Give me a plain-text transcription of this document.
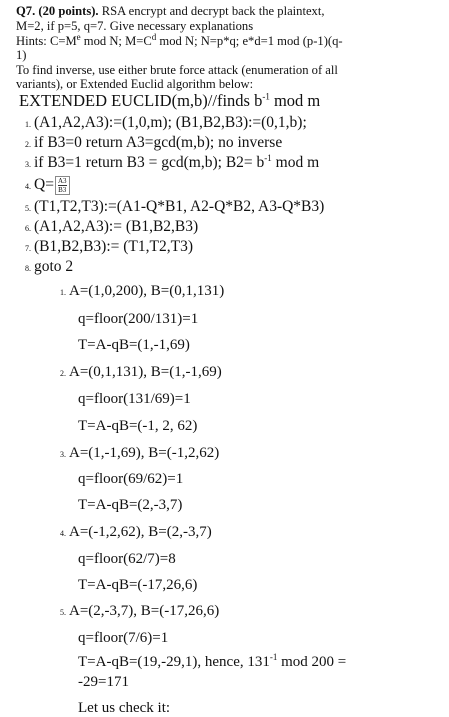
Q7. (20 points). RSA encrypt and decrypt back the plaintext,
M=2, if p=5, q=7. Give necessary explanations
Hints: $C=M^e$ mod N; $M=C^d$ mod N; N=p*q; e*d=1 mod (p-1)(q-
1)
To find inverse, use either brute force attack (enumeration of all
variants), or Extended Euclid algorithm below:
EXTENDED EUCLID(m,b)//finds $b^{-1}$ mod m
1. (A1,A2,A3):=(1,0,m); (B1,B2,B3):=(0,1,b);
2. if B3=0 return A3=gcd(m,b); no inverse
3. if B3=1 return B3 = gcd(m,b); $B2= b^{-1}$ mod m
4. $Q=\frac{A3}{B3}$
5. (T1,T2,T3):=(A1-Q*B1, A2-Q*B2, A3-Q*B3)
6. (A1,A2,A3):= (B1,B2,B3)
7. (B1,B2,B3):= (T1,T2,T3)
8. goto 2
1. A=(1,0,200), B=(0,1,131)
q=floor(200/131)=1
T=A-qB=(1,-1,69)
2. A=(0,1,131), B=(1,-1,69)
q=floor(131/69)=1
T=A-qB=(-1, 2, 62)
3. A=(1,-1,69), B=(-1,2,62)
q=floor(69/62)=1
T=A-qB=(2,-3,7)
4. A=(-1,2,62), B=(2,-3,7)
q=floor(62/7)=8
T=A-qB=(-17,26,6)
5. A=(2,-3,7), B=(-17,26,6)
q=floor(7/6)=1
T=A-qB=(19,-29,1), hence, $131^{-1}$ mod 200 =
-29=171
Let us check it:
